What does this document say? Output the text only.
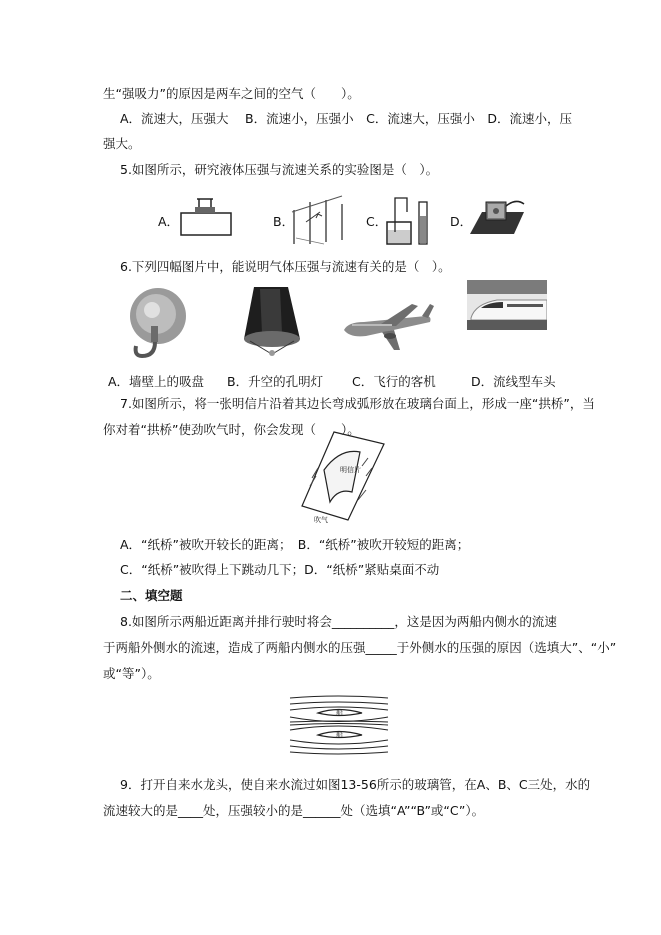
生“强吸力”的原因是两车之间的空气（　　）。
A．流速大，压强大　 B．流速小，压强小　C．流速大，压强小　D．流速小，压
强大。
5.如图所示，研究液体压强与流速关系的实验图是（　）。
A．	B．	C．	D．
6.下列四幅图片中，能说明气体压强与流速有关的是（　）。
A．墙壁上的吸盘 B．升空的孔明灯 C．飞行的客机	D．流线型车头
7.如图所示，将一张明信片沿着其边长弯成弧形放在玻璃台面上，形成一座“拱桥”，当
你对着“拱桥”使劲吹气时，你会发现（　　）。
明信片
吹气
A．“纸桥”被吹开较长的距离；　B．“纸桥”被吹开较短的距离；
C．“纸桥”被吹得上下跳动几下；D．“纸桥”紧贴桌面不动
二、填空题
8.如图所示两船近距离并排行驶时将会__________，这是因为两船内侧水的流速
于两船外侧水的流速，造成了两船内侧水的压强_____于外侧水的压强的原因（选填大”、“小”
或“等”）。
船
船
9．打开自来水龙头，使自来水流过如图13-56所示的玻璃管，在A、B、C三处，水的
流速较大的是____处，压强较小的是______处（选填“A”“B”或“C”）。
